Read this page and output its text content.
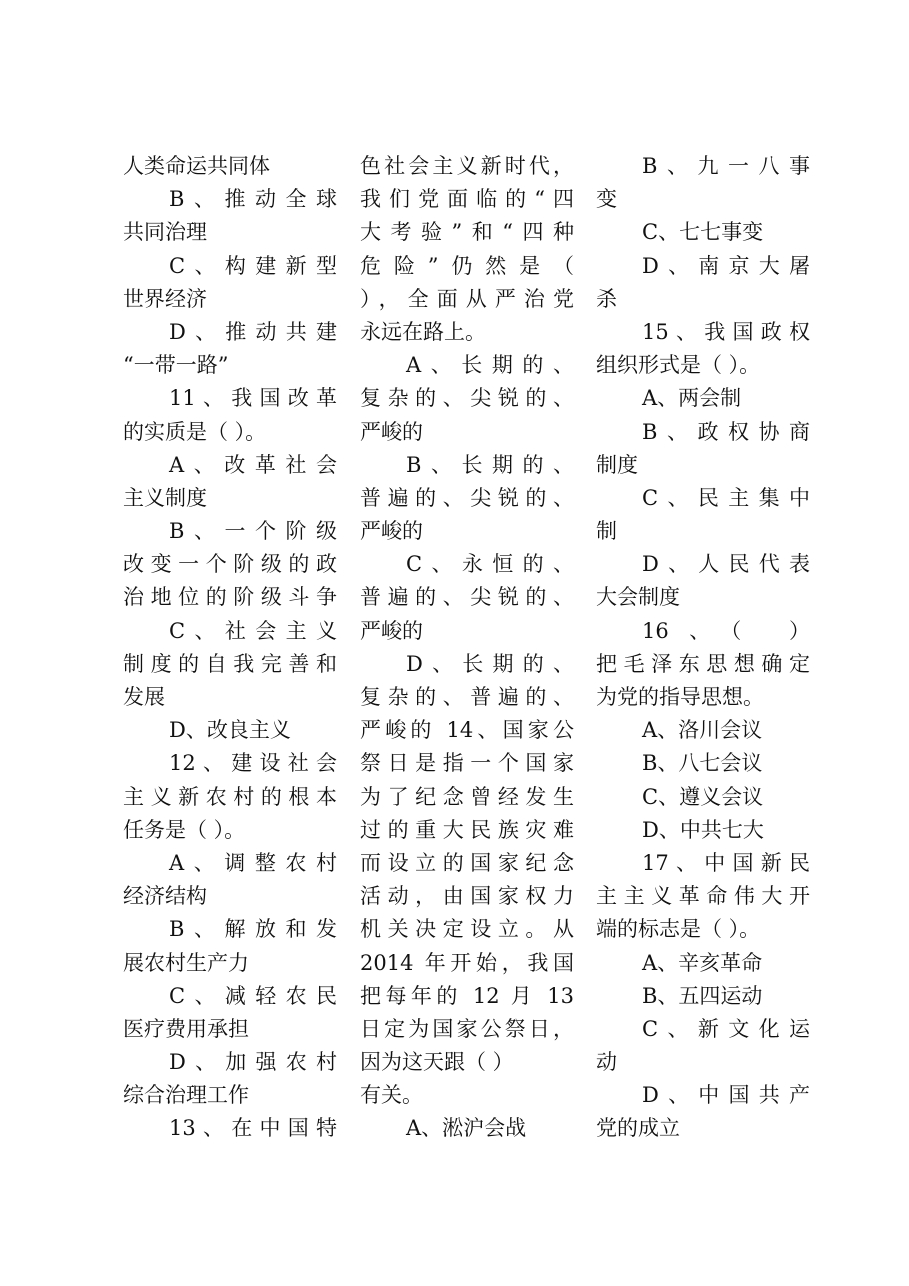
人类命运共同体
B、推动全球
共同治理
C、构建新型
世界经济
D、推动共建
“一带一路”
11、我国改革
的实质是（ ）。
A、改革社会
主义制度
B、一个阶级
改变一个阶级的政
治地位的阶级斗争
C、社会主义
制度的自我完善和
发展
D、改良主义
12、建设社会
主义新农村的根本
任务是（ ）。
A、调整农村
经济结构
B、解放和发
展农村生产力
C、减轻农民
医疗费用承担
D、加强农村
综合治理工作
13、在中国特
色社会主义新时代，
我们党面临的“四
大考验”和“四种
危险”仍然是（
），全面从严治党
永远在路上。
A、长期的、
复杂的、尖锐的、
严峻的
B、长期的、
普遍的、尖锐的、
严峻的
C、永恒的、
普遍的、尖锐的、
严峻的
D、长期的、
复杂的、普遍的、
严峻的 14、国家公
祭日是指一个国家
为了纪念曾经发生
过的重大民族灾难
而设立的国家纪念
活动，由国家权力
机关决定设立。从
2014 年开始，我国
把每年的 12 月 13
日定为国家公祭日，
因为这天跟（ ）
有关。
A、淞沪会战
B、九一八事
变
C、七七事变
D、南京大屠
杀
15、我国政权
组织形式是（ ）。
A、两会制
B、政权协商
制度
C、民主集中
制
D、人民代表
大会制度
16、（ ）
把毛泽东思想确定
为党的指导思想。
A、洛川会议
B、八七会议
C、遵义会议
D、中共七大
17、中国新民
主主义革命伟大开
端的标志是（ ）。
A、辛亥革命
B、五四运动
C、新文化运
动
D、中国共产
党的成立
